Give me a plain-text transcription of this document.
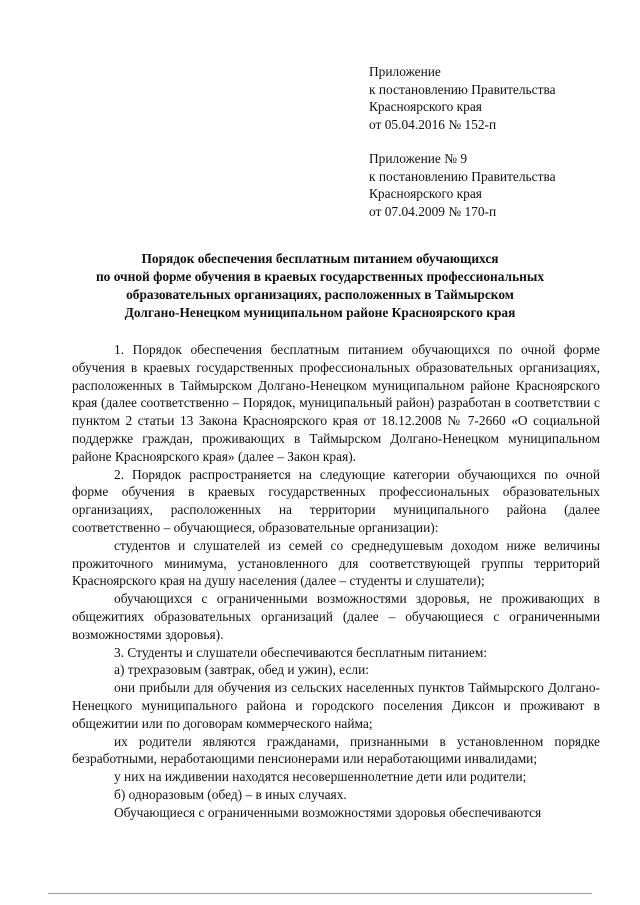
Приложение
к постановлению Правительства
Красноярского края
от 05.04.2016 № 152-п
Приложение № 9
к постановлению Правительства
Красноярского края
от 07.04.2009 № 170-п
Порядок обеспечения бесплатным питанием обучающихся
по очной форме обучения в краевых государственных профессиональных
образовательных организациях, расположенных в Таймырском
Долгано-Ненецком муниципальном районе Красноярского края

1. Порядок обеспечения бесплатным питанием обучающихся по очной форме обучения в краевых государственных профессиональных образовательных организациях, расположенных в Таймырском Долгано-Ненецком муниципальном районе Красноярского края (далее соответственно – Порядок, муниципальный район) разработан в соответствии с пунктом 2 статьи 13 Закона Красноярского края от 18.12.2008 № 7-2660 «О социальной поддержке граждан, проживающих в Таймырском Долгано-Ненецком муниципальном районе Красноярского края» (далее – Закон края).

2. Порядок распространяется на следующие категории обучающихся по очной форме обучения в краевых государственных профессиональных образовательных организациях, расположенных на территории муниципального района (далее соответственно – обучающиеся, образовательные организации):

студентов и слушателей из семей со среднедушевым доходом ниже величины прожиточного минимума, установленного для соответствующей группы территорий Красноярского края на душу населения (далее – студенты и слушатели);

обучающихся с ограниченными возможностями здоровья, не проживающих в общежитиях образовательных организаций (далее – обучающиеся с ограниченными возможностями здоровья).

3. Студенты и слушатели обеспечиваются бесплатным питанием:

а) трехразовым (завтрак, обед и ужин), если:

они прибыли для обучения из сельских населенных пунктов Таймырского Долгано-Ненецкого муниципального района и городского поселения Диксон и проживают в общежитии или по договорам коммерческого найма;

их родители являются гражданами, признанными в установленном порядке безработными, неработающими пенсионерами или неработающими инвалидами;

у них на иждивении находятся несовершеннолетние дети или родители;

б) одноразовым (обед) – в иных случаях.

Обучающиеся с ограниченными возможностями здоровья обеспечиваются
